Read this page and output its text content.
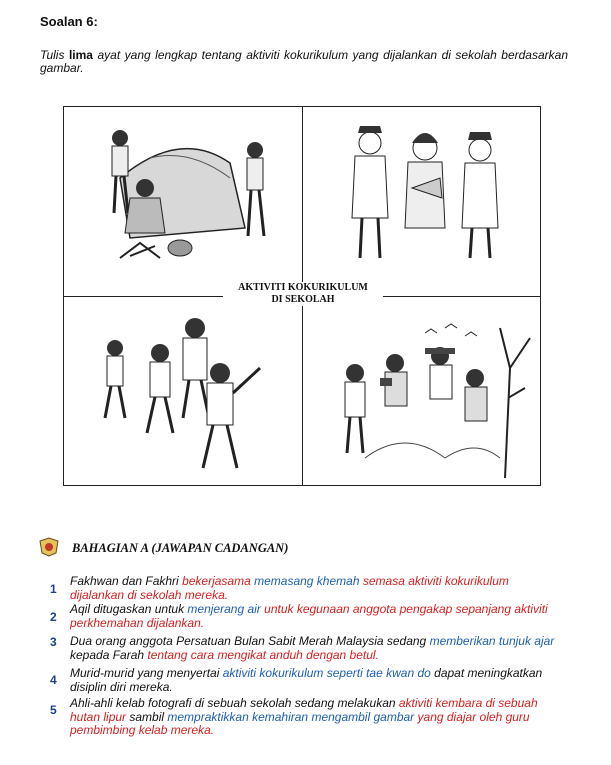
Soalan 6:
Tulis lima ayat yang lengkap tentang aktiviti kokurikulum yang dijalankan di sekolah berdasarkan gambar.
AKTIVITI KOKURIKULUM
DI SEKOLAH
BAHAGIAN A (JAWAPAN CADANGAN)
1
Fakhwan dan Fakhri bekerjasama memasang khemah semasa aktiviti kokurikulum dijalankan di sekolah mereka.
2
Aqil ditugaskan untuk menjerang air untuk kegunaan anggota pengakap sepanjang aktiviti perkhemahan dijalankan.
3 Dua orang anggota Persatuan Bulan Sabit Merah Malaysia sedang memberikan tunjuk ajar kepada Farah tentang cara mengikat anduh dengan betul.
4 Murid-murid yang menyertai aktiviti kokurikulum seperti tae kwan do dapat meningkatkan disiplin diri mereka.
5 Ahli-ahli kelab fotografi di sebuah sekolah sedang melakukan aktiviti kembara di sebuah hutan lipur sambil mempraktikkan kemahiran mengambil gambar yang diajar oleh guru pembimbing kelab mereka.
